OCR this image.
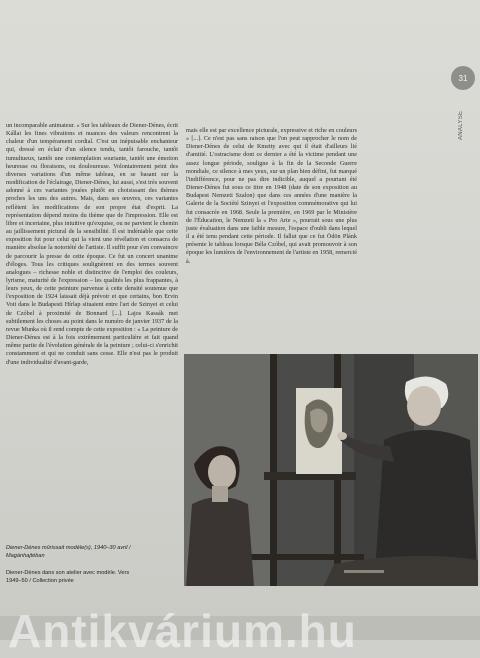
31
ANALYSE

un incomparable animateur. « Sur les tableaux de Diener-Dénes, écrit Kállai les fines vibrations et nuances des valeurs rencontrent la chaleur d'un tempérament cordial. C'est un inépuisable enchanteur qui, dressé en éclair d'un silence tendu, tantôt farouche, tantôt tumultueux, tantôt une contemplation souriante, tantôt une émotion heureuse ou floraisons, ou douloureuse. Volontairement peint des diverses variations d'un même tableau, en se basant sur la modification de l'éclairage, Diener-Dénes, lui aussi, s'est très souvent adonné à ces variantes jouées plutôt en choisissant des thèmes proches les uns des autres. Mais, dans ses œuvres, ces variantes reflètent les modifications de son propre état d'esprit. La représentation dépend moins du thème que de l'impression. Elle est libre et incertaine, plus intuitive qu'exquise, ou ne parvient le chemin au jaillissement pictural de la sensibilité. Il est indéniable que cette exposition fut pour celui qui la vient une révélation et consacra de manière absolue la notoriété de l'artiste. Il suffit pour s'en convaincre de parcourir la presse de cette époque. Ce fut un concert unanime d'éloges. Tous les critiques soulignèrent en des termes souvent analogues – richesse noble et distinctive de l'emploi des couleurs, lyrisme, maturité de l'expression – les qualités les plus frappantes, à leurs yeux, de cette peinture parvenue à cette densité soutenue que l'exposition de 1924 laissait déjà prévoir et que certains, bon Ervin Voit dans le Budapesti Hírlap situaient entre l'art de Szinyei et celui de Czóbel à proximité de Bonnard [...]. Lajos Kassák met subtilement les choses au point dans le numéro de janvier 1937 de la revue Munka où il rend compte de cette exposition : « La peinture de Diener-Dénes est à la fois extrêmement particulière et fait quand même partie de l'évolution générale de la peinture ; celui-ci s'enrichit constamment et qui ne conduit sans cesse. Elle n'est pas le produit d'une individualité d'avant-garde,

mais elle est par excellence picturale, expressive et riche en couleurs » [...]. Ce n'est pas sans raison que l'on peut rapprocher le nom de Diener-Dénes de celui de Kmetty avec qui il était d'ailleurs lié d'amitié. L'ostracisme dont ce dernier a été la victime pendant une assez longue période, souligne à la fin de la Seconde Guerre mondiale, ce silence à mes yeux, sur un plan bien défini, fut marqué l'indifférence, pour ne pas dire indicible, auquel a pourtant été Diener-Dénes fut sous ce titre en 1948 (date de son exposition au Budapest Nemzeti Szalon) que dans ces années d'une manière la Galerie de la Société Szinyei et l'exposition commémorative qui lui fut consacrée en 1968. Seule la première, en 1969 par le Ministère de l'Éducation, le Nemzeti la « Pro Arte », pourrait sous une plus juste évaluation dans une faible mesure, l'espace d'oubli dans lequel il a été tenu pendant cette période. Il fallut que ce fut Ödön Plánk présente le tableau lorsque Béla Czóbel, qui avait promouvoir à son époque les lumières de l'environnement de l'artiste en 1958, remercié à.

Diener-Dénes mûrissait modèle(s), 1940–30 avril / Magánhajtéban
Diener-Dénes dans son atelier avec modèle. Vers 1949–50 / Collection privée
Antikvárium.hu
